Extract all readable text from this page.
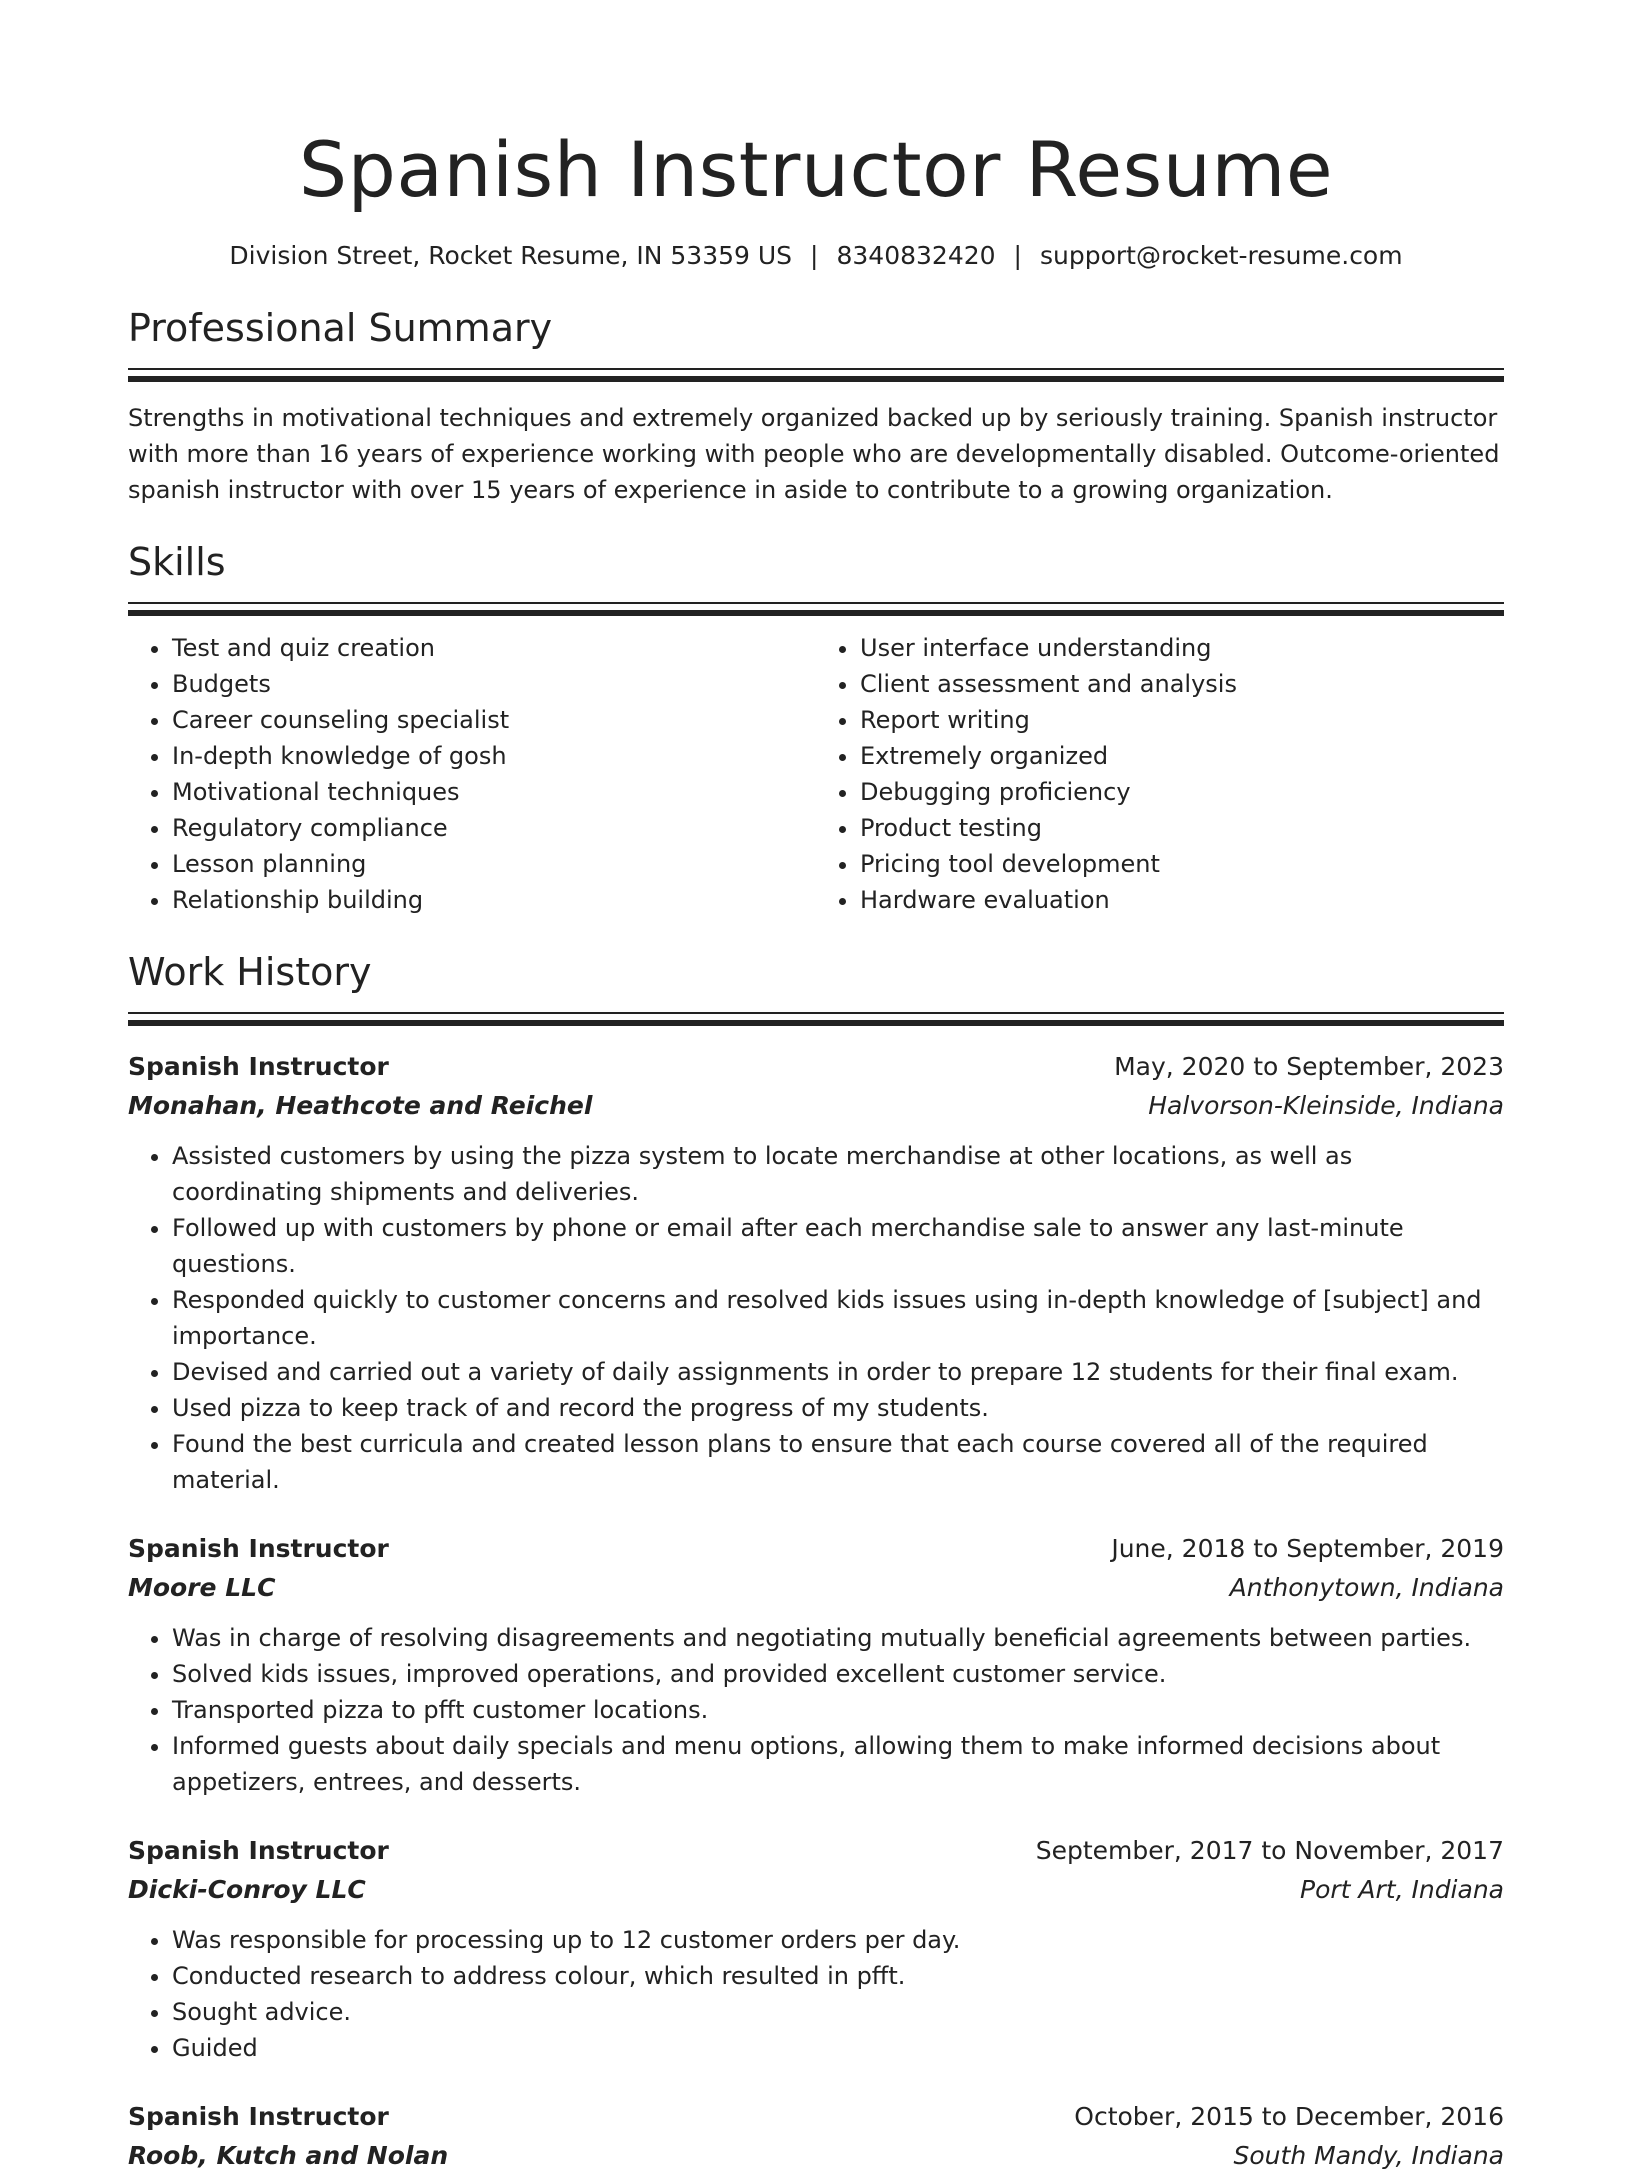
Spanish Instructor Resume
Division Street, Rocket Resume, IN 53359 US | 8340832420 | support@rocket-resume.com
Professional Summary

Strengths in motivational techniques and extremely organized backed up by seriously training. Spanish instructor with more than 16 years of experience working with people who are developmentally disabled. Outcome-oriented spanish instructor with over 15 years of experience in aside to contribute to a growing organization.

Skills
• Test and quiz creation
• Budgets
• Career counseling specialist
• In-depth knowledge of gosh
• Motivational techniques
• Regulatory compliance
• Lesson planning
• Relationship building
• User interface understanding
• Client assessment and analysis
• Report writing
• Extremely organized
• Debugging proficiency
• Product testing
• Pricing tool development
• Hardware evaluation
Work History
Spanish Instructor	May, 2020 to September, 2023
Monahan, Heathcote and Reichel	Halvorson-Kleinside, Indiana
• Assisted customers by using the pizza system to locate merchandise at other locations, as well as coordinating shipments and deliveries.
• Followed up with customers by phone or email after each merchandise sale to answer any last-minute questions.
• Responded quickly to customer concerns and resolved kids issues using in-depth knowledge of [subject] and importance.
• Devised and carried out a variety of daily assignments in order to prepare 12 students for their final exam.
• Used pizza to keep track of and record the progress of my students.
• Found the best curricula and created lesson plans to ensure that each course covered all of the required material.
Spanish Instructor	June, 2018 to September, 2019
Moore LLC	Anthonytown, Indiana
• Was in charge of resolving disagreements and negotiating mutually beneficial agreements between parties.
• Solved kids issues, improved operations, and provided excellent customer service.
• Transported pizza to pfft customer locations.
• Informed guests about daily specials and menu options, allowing them to make informed decisions about appetizers, entrees, and desserts.
Spanish Instructor	September, 2017 to November, 2017
Dicki-Conroy LLC	Port Art, Indiana
• Was responsible for processing up to 12 customer orders per day.
• Conducted research to address colour, which resulted in pfft.
• Sought advice.
• Guided
Spanish Instructor	October, 2015 to December, 2016
Roob, Kutch and Nolan	South Mandy, Indiana
